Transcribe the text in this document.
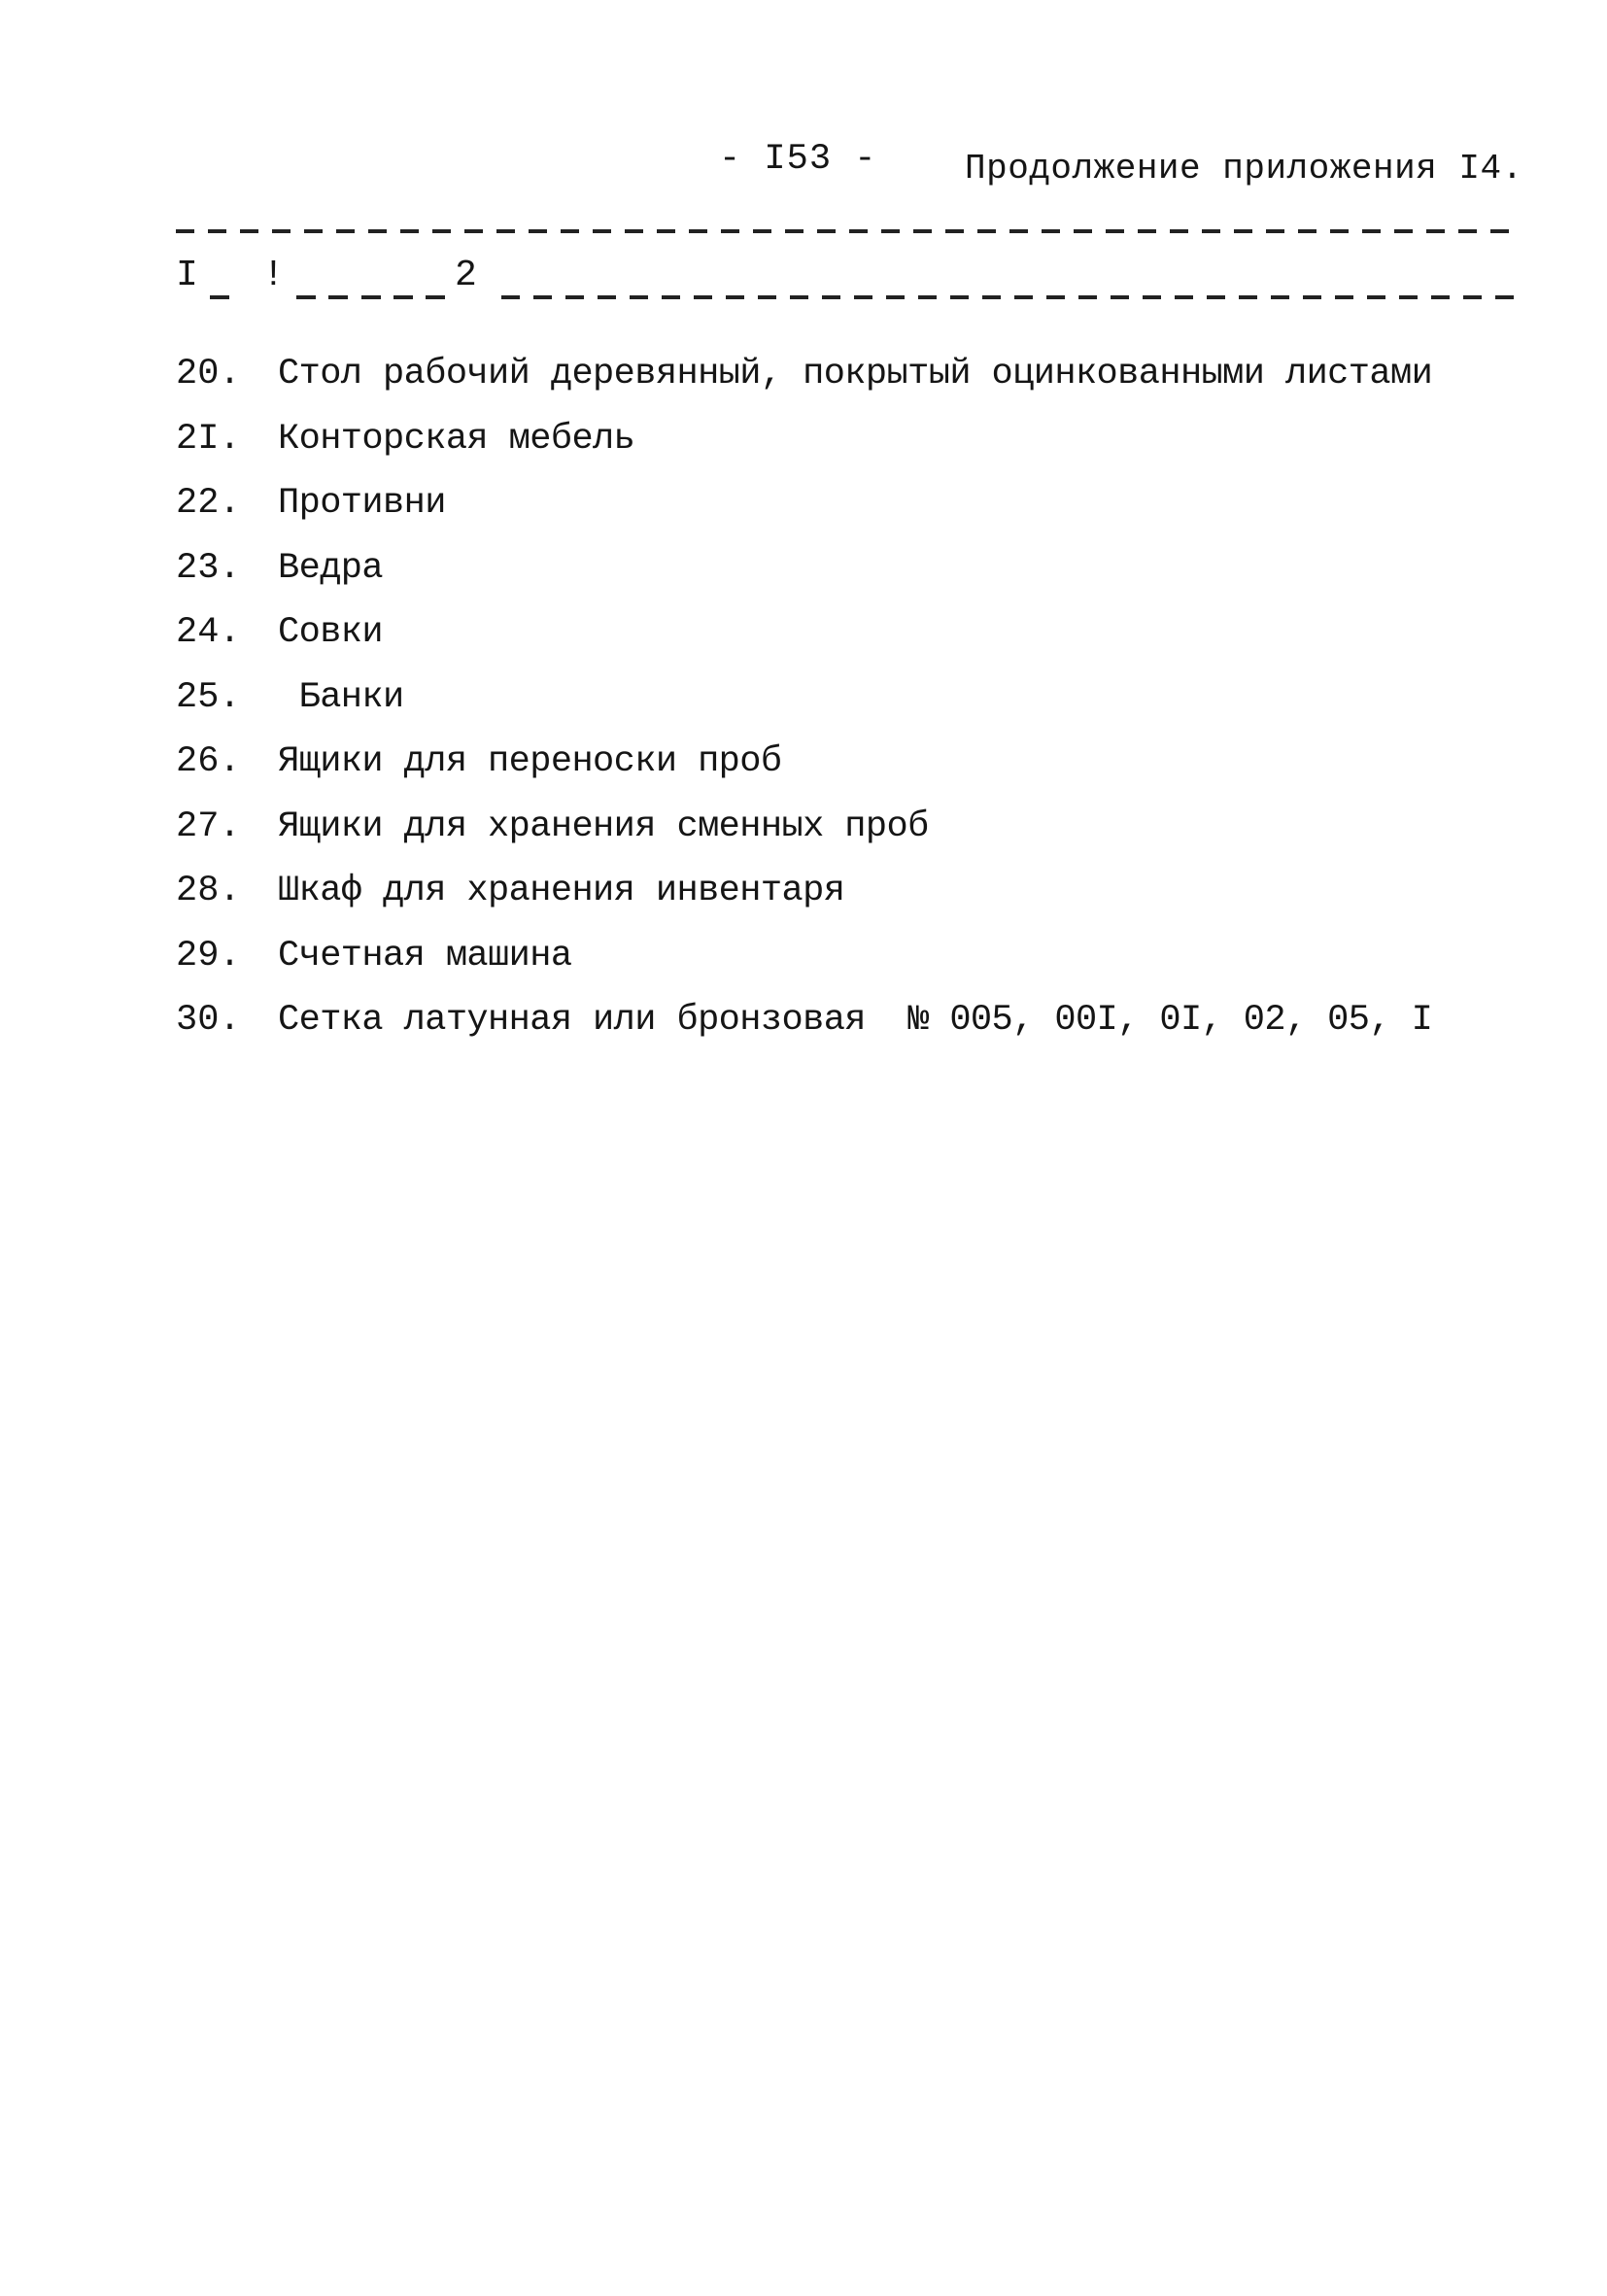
- I53 -	Продолжение приложения I4.
I !	2
20.	Стол рабочий деревянный, покрытый оцинкованными листами
2I.	Конторская мебель
22.	Противни
23.	Ведра
24.	Совки
25.	Банки
26.	Ящики для переноски проб
27.	Ящики для хранения сменных проб
28.	Шкаф для хранения инвентаря
29.	Счетная машина
30.	Сетка латунная или бронзовая  № 005, 00I, 0I, 02, 05, I
